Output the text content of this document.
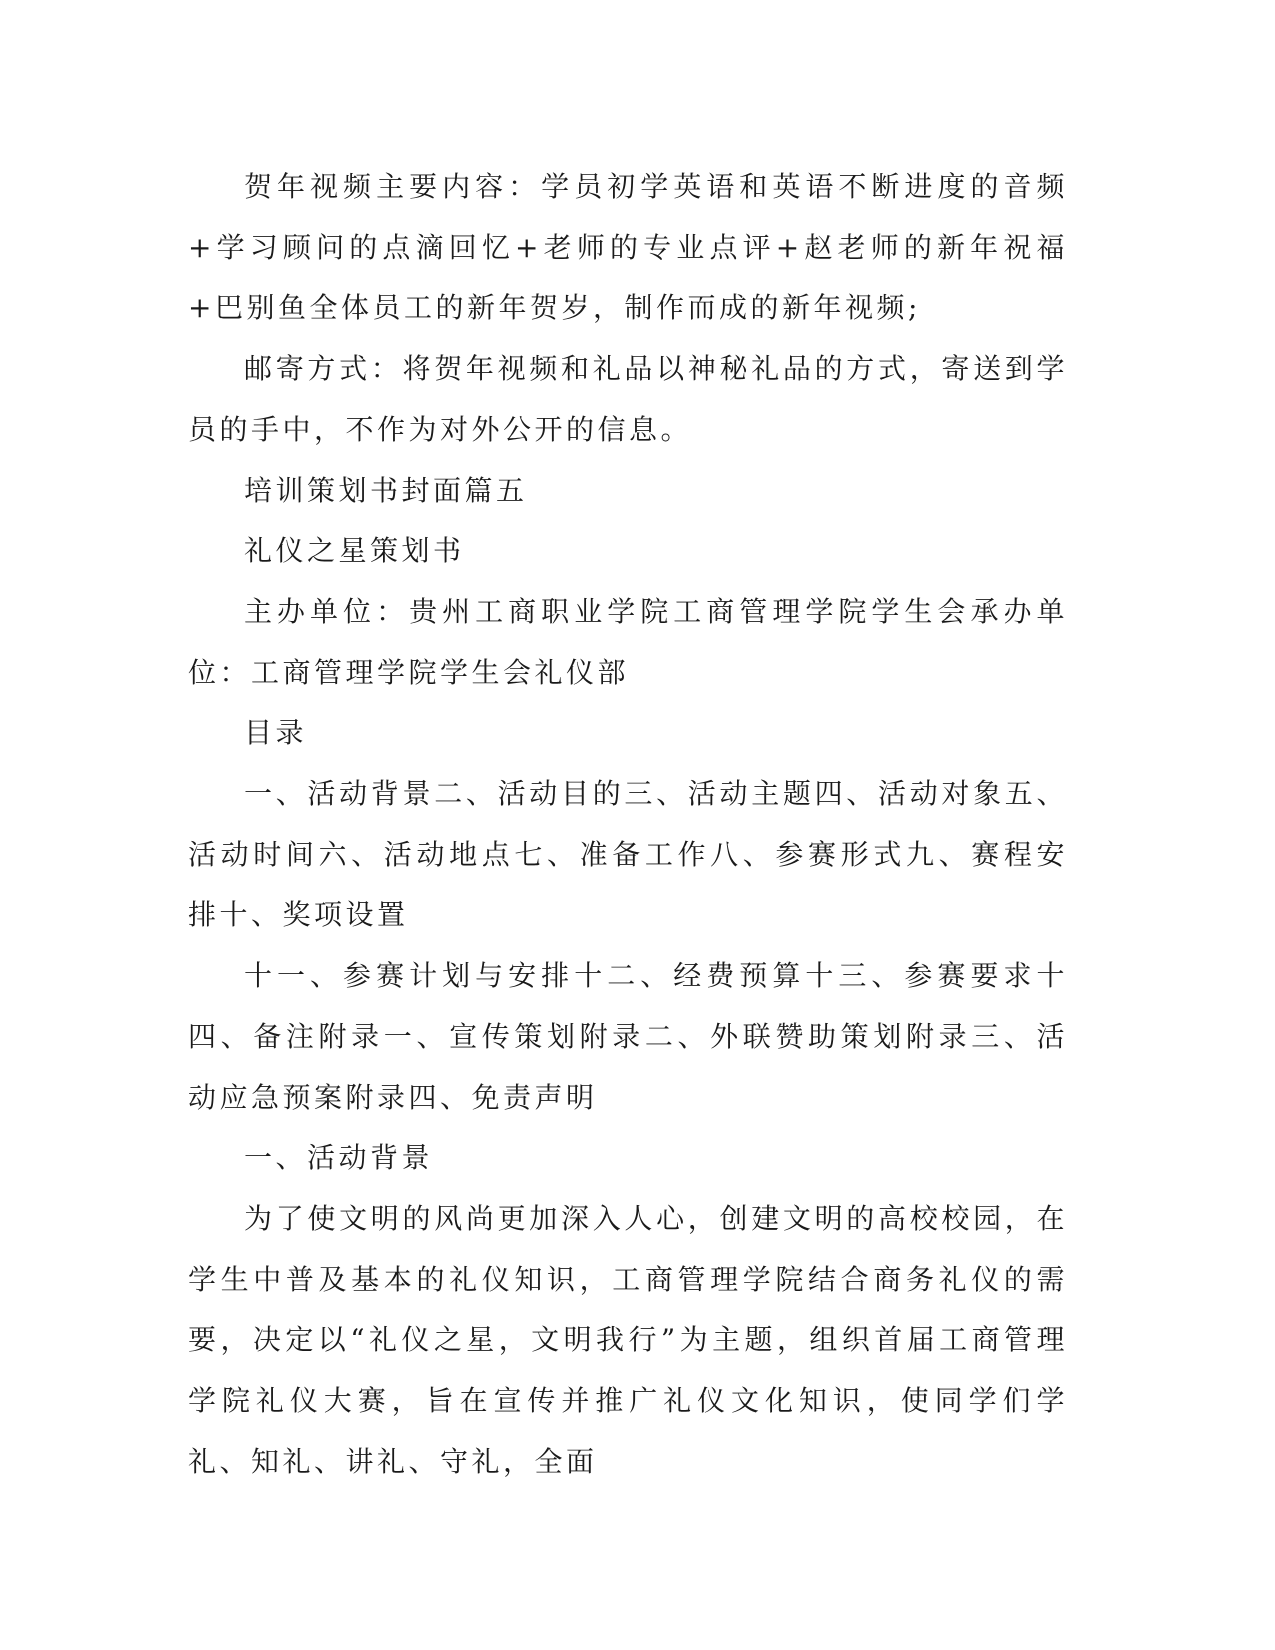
贺年视频主要内容：学员初学英语和英语不断进度的音频+学习顾问的点滴回忆+老师的专业点评+赵老师的新年祝福+巴别鱼全体员工的新年贺岁，制作而成的新年视频;

邮寄方式：将贺年视频和礼品以神秘礼品的方式，寄送到学员的手中，不作为对外公开的信息。

培训策划书封面篇五

礼仪之星策划书

主办单位：贵州工商职业学院工商管理学院学生会承办单位：工商管理学院学生会礼仪部

目录

一、活动背景二、活动目的三、活动主题四、活动对象五、活动时间六、活动地点七、准备工作八、参赛形式九、赛程安排十、奖项设置

十一、参赛计划与安排十二、经费预算十三、参赛要求十四、备注附录一、宣传策划附录二、外联赞助策划附录三、活动应急预案附录四、免责声明

一、活动背景

为了使文明的风尚更加深入人心，创建文明的高校校园，在学生中普及基本的礼仪知识，工商管理学院结合商务礼仪的需要，决定以“礼仪之星，文明我行”为主题，组织首届工商管理学院礼仪大赛，旨在宣传并推广礼仪文化知识，使同学们学礼、知礼、讲礼、守礼，全面
